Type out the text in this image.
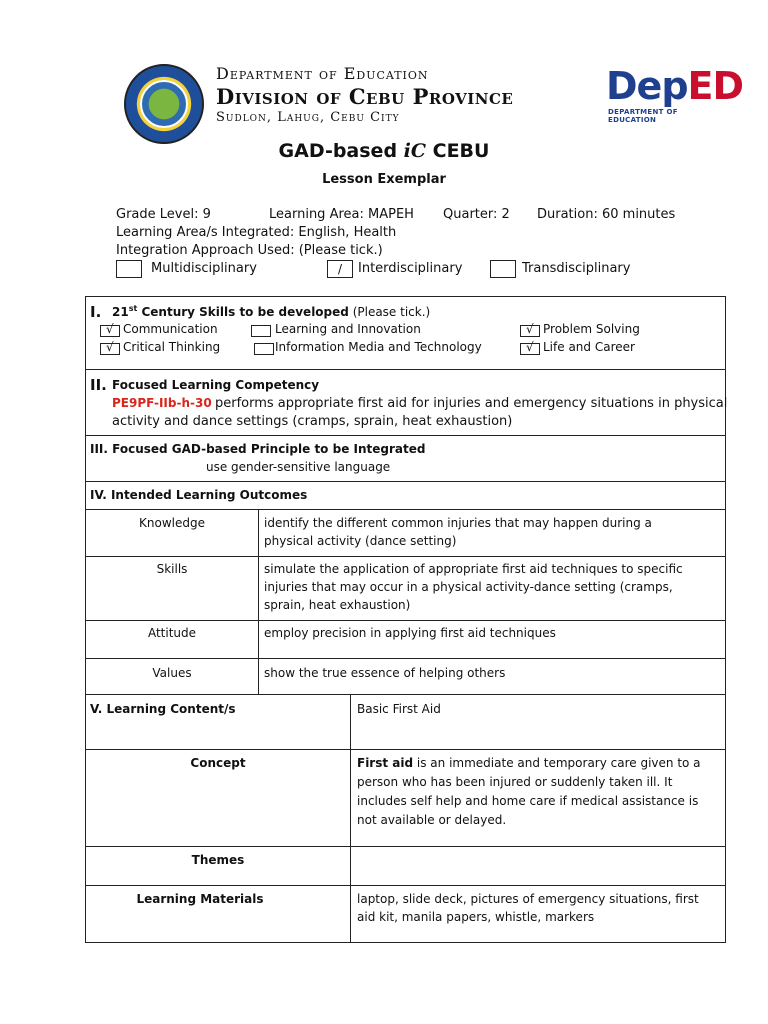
Department of Education
Division of Cebu Province
Sudlon, Lahug, Cebu City
DepED
DEPARTMENT OF EDUCATION
GAD-based iC CEBU
Lesson Exemplar
Grade Level: 9	Learning Area: MAPEH Quarter: 2 Duration: 60 minutes
Learning Area/s Integrated: English, Health
Integration Approach Used: (Please tick.)
Multidisciplinary	/	Interdisciplinary	Transdisciplinary
I. 21st Century Skills to be developed (Please tick.)
√ Communication	Learning and Innovation	√ Problem Solving
√ Critical Thinking	Information Media and Technology	√ Life and Career
II. Focused Learning Competency
PE9PF-IIb-h-30 performs appropriate first aid for injuries and emergency situations in physical
activity and dance settings (cramps, sprain, heat exhaustion)
III. Focused GAD-based Principle to be Integrated
use gender-sensitive language
IV. Intended Learning Outcomes
Knowledge	identify the different common injuries that may happen during a
physical activity (dance setting)
Skills	simulate the application of appropriate first aid techniques to specific
injuries that may occur in a physical activity-dance setting (cramps,
sprain, heat exhaustion)
Attitude	employ precision in applying first aid techniques
Values	show the true essence of helping others
V. Learning Content/s	Basic First Aid
Concept	First aid is an immediate and temporary care given to a
person who has been injured or suddenly taken ill. It
includes self help and home care if medical assistance is
not available or delayed.
Themes
Learning Materials	laptop, slide deck, pictures of emergency situations, first
aid kit, manila papers, whistle, markers
